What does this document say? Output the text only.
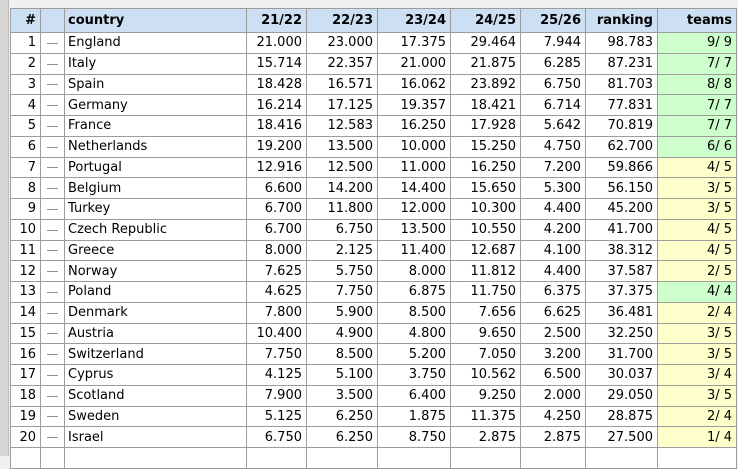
#		country	21/22	22/23	23/24	24/25	25/26	ranking	teams
1	—	England	21.000	23.000	17.375	29.464	7.944	98.783	9/ 9
2	—	Italy	15.714	22.357	21.000	21.875	6.285	87.231	7/ 7
3	—	Spain	18.428	16.571	16.062	23.892	6.750	81.703	8/ 8
4	—	Germany	16.214	17.125	19.357	18.421	6.714	77.831	7/ 7
5	—	France	18.416	12.583	16.250	17.928	5.642	70.819	7/ 7
6	—	Netherlands	19.200	13.500	10.000	15.250	4.750	62.700	6/ 6
7	—	Portugal	12.916	12.500	11.000	16.250	7.200	59.866	4/ 5
8	—	Belgium	6.600	14.200	14.400	15.650	5.300	56.150	3/ 5
9	—	Turkey	6.700	11.800	12.000	10.300	4.400	45.200	3/ 5
10	—	Czech Republic	6.700	6.750	13.500	10.550	4.200	41.700	4/ 5
11	—	Greece	8.000	2.125	11.400	12.687	4.100	38.312	4/ 5
12	—	Norway	7.625	5.750	8.000	11.812	4.400	37.587	2/ 5
13	—	Poland	4.625	7.750	6.875	11.750	6.375	37.375	4/ 4
14	—	Denmark	7.800	5.900	8.500	7.656	6.625	36.481	2/ 4
15	—	Austria	10.400	4.900	4.800	9.650	2.500	32.250	3/ 5
16	—	Switzerland	7.750	8.500	5.200	7.050	3.200	31.700	3/ 5
17	—	Cyprus	4.125	5.100	3.750	10.562	6.500	30.037	3/ 4
18	—	Scotland	7.900	3.500	6.400	9.250	2.000	29.050	3/ 5
19	—	Sweden	5.125	6.250	1.875	11.375	4.250	28.875	2/ 4
20	—	Israel	6.750	6.250	8.750	2.875	2.875	27.500	1/ 4
